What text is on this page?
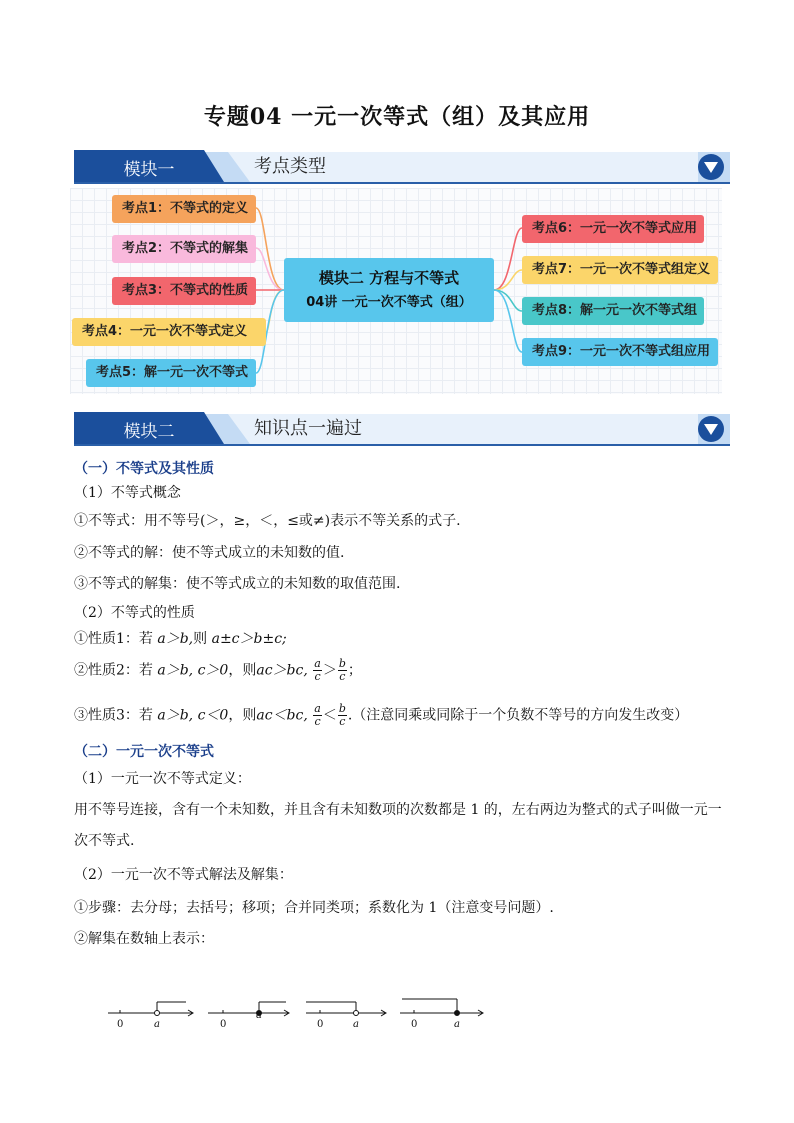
专题04 一元一次等式（组）及其应用
模块一	考点类型
考点1：不等式的定义
考点2：不等式的解集
考点3：不等式的性质
考点4：一元一次不等式定义
考点5：解一元一次不等式
模块二 方程与不等式
04讲 一元一次不等式（组）
考点6：一元一次不等式应用
考点7：一元一次不等式组定义
考点8：解一元一次不等式组
考点9：一元一次不等式组应用
模块二	知识点一遍过
（一）不等式及其性质
（1）不等式概念
①不等式：用不等号(＞，≥，＜，≤或≠)表示不等关系的式子.
②不等式的解：使不等式成立的未知数的值.
③不等式的解集：使不等式成立的未知数的取值范围.
（2）不等式的性质
①性质1：若 a＞b,则 a±c＞b±c;
②性质2：若 a＞b, c＞0，则ac＞bc, $\frac{a}{c} > \frac{b}{c}$ ；
③性质3：若 a＞b, c＜0，则ac＜bc, $\frac{a}{c} < \frac{b}{c}$ .（注意同乘或同除于一个负数不等号的方向发生改变）
（二）一元一次不等式
（1）一元一次不等式定义：
用不等号连接，含有一个未知数，并且含有未知数项的次数都是 1 的，左右两边为整式的式子叫做一元一
次不等式.
（2）一元一次不等式解法及解集：
①步骤：去分母；去括号；移项；合并同类项；系数化为 1（注意变号问题）.
②解集在数轴上表示：
0	a	0
a
0	a	0	a
